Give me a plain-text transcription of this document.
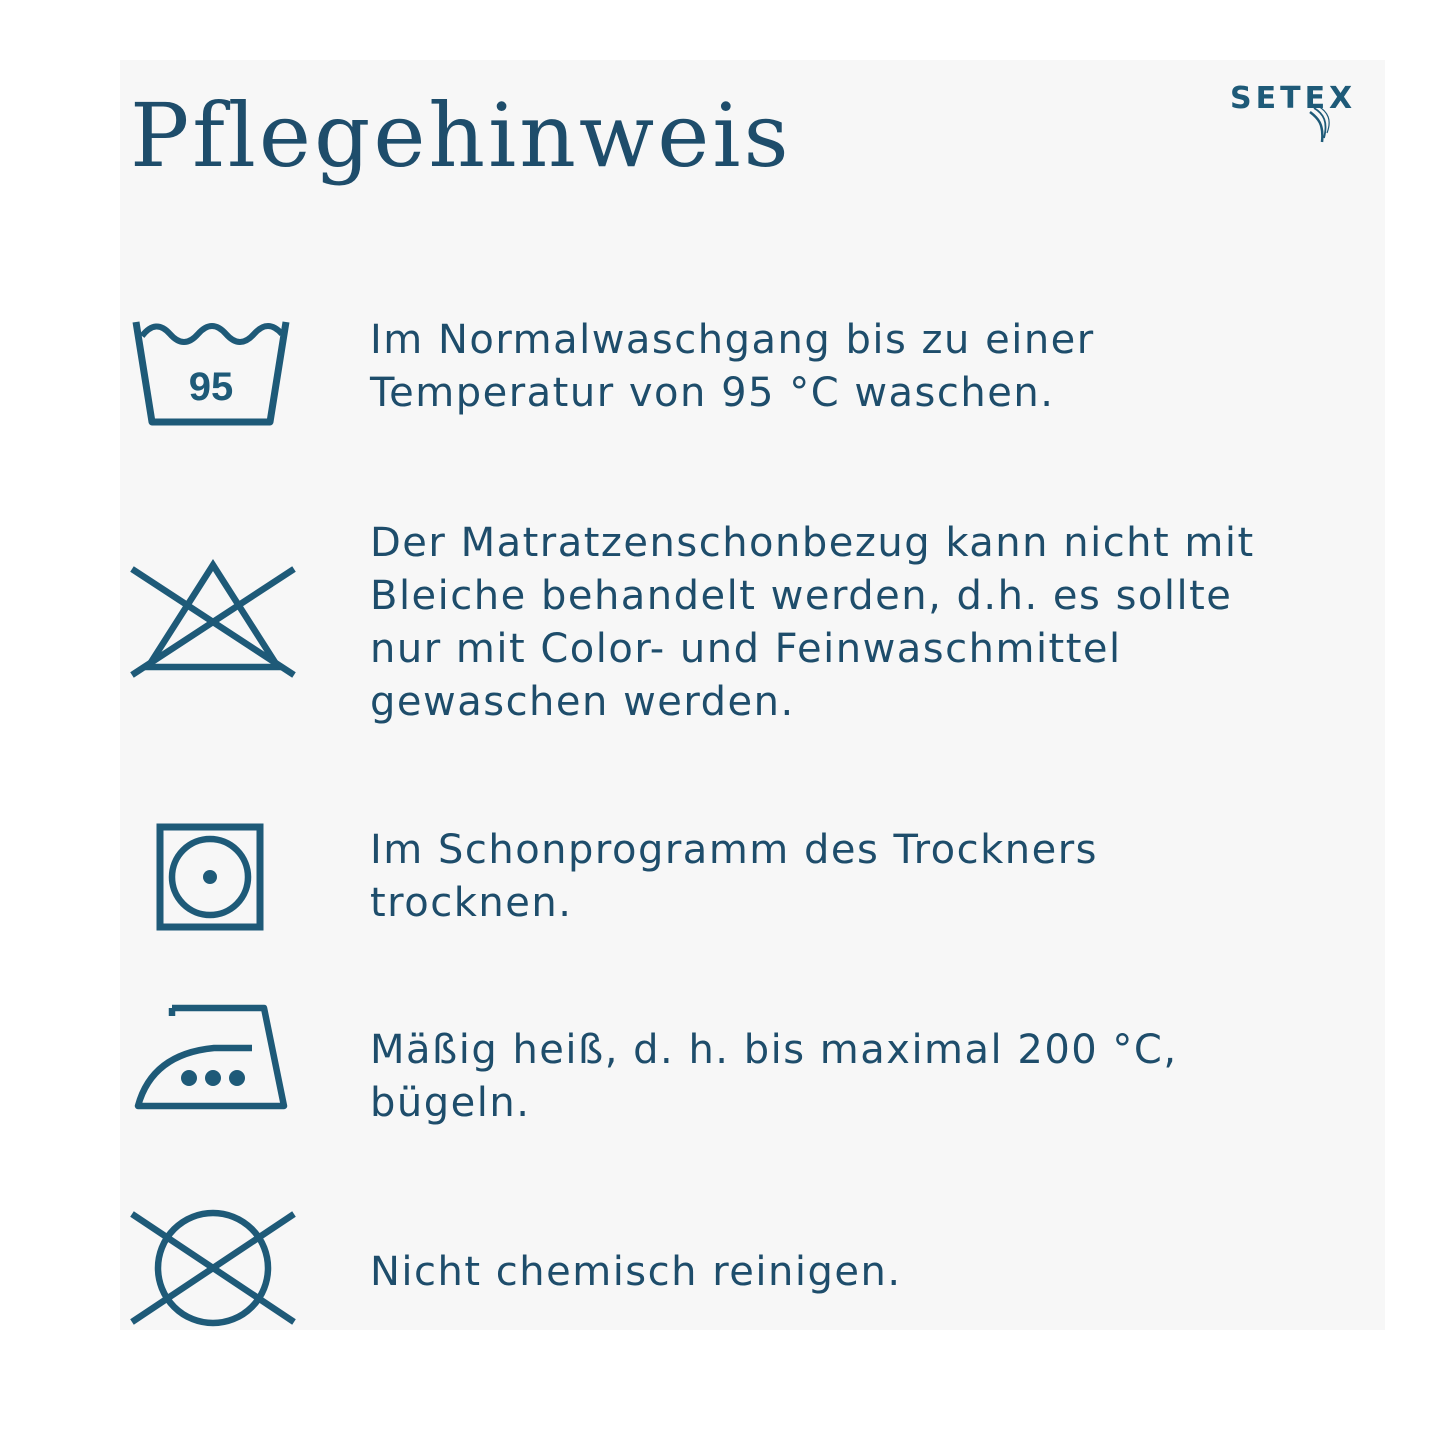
Pflegehinweis	SETEX
95

Im Normalwaschgang bis zu einer
Temperatur von 95 °C waschen.

Der Matratzenschonbezug kann nicht mit
Bleiche behandelt werden, d.h. es sollte
nur mit Color- und Feinwaschmittel
gewaschen werden.

Im Schonprogramm des Trockners
trocknen.

Mäßig heiß, d. h. bis maximal 200 °C,
bügeln.

Nicht chemisch reinigen.
